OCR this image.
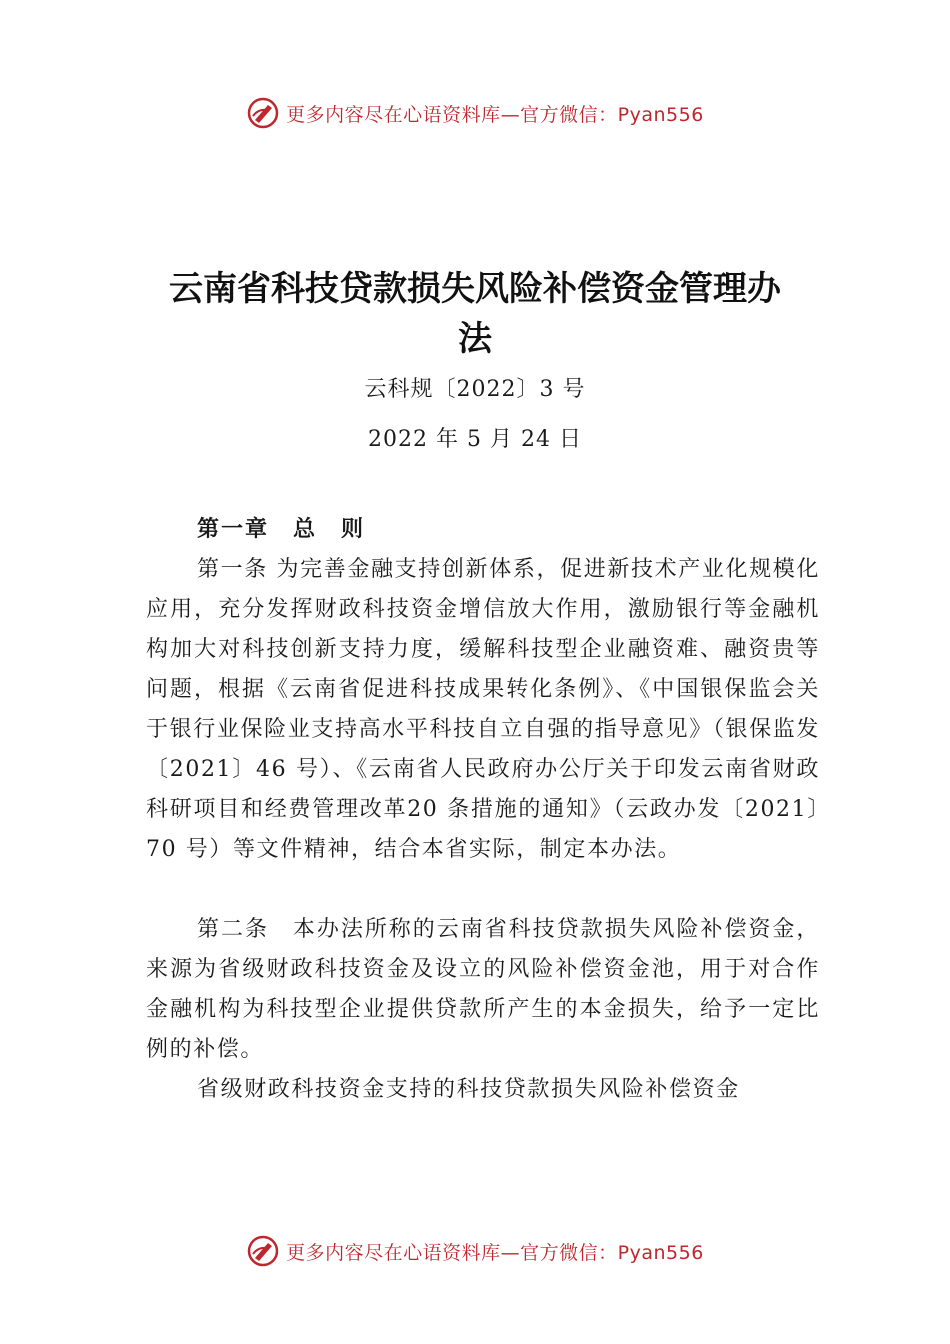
更多内容尽在心语资料库—官方微信：Pyan556
云南省科技贷款损失风险补偿资金管理办
法
云科规〔2022〕3 号
2022 年 5 月 24 日
第一章　总　则
第一条 为完善金融支持创新体系，促进新技术产业化规模化应用，充分发挥财政科技资金增信放大作用，激励银行等金融机构加大对科技创新支持力度，缓解科技型企业融资难、融资贵等问题，根据《云南省促进科技成果转化条例》、《中国银保监会关于银行业保险业支持高水平科技自立自强的指导意见》（银保监发〔2021〕46 号）、《云南省人民政府办公厅关于印发云南省财政科研项目和经费管理改革20 条措施的通知》（云政办发〔2021〕70 号）等文件精神，结合本省实际，制定本办法。
第二条　本办法所称的云南省科技贷款损失风险补偿资金，来源为省级财政科技资金及设立的风险补偿资金池，用于对合作金融机构为科技型企业提供贷款所产生的本金损失，给予一定比例的补偿。
省级财政科技资金支持的科技贷款损失风险补偿资金
更多内容尽在心语资料库—官方微信：Pyan556
